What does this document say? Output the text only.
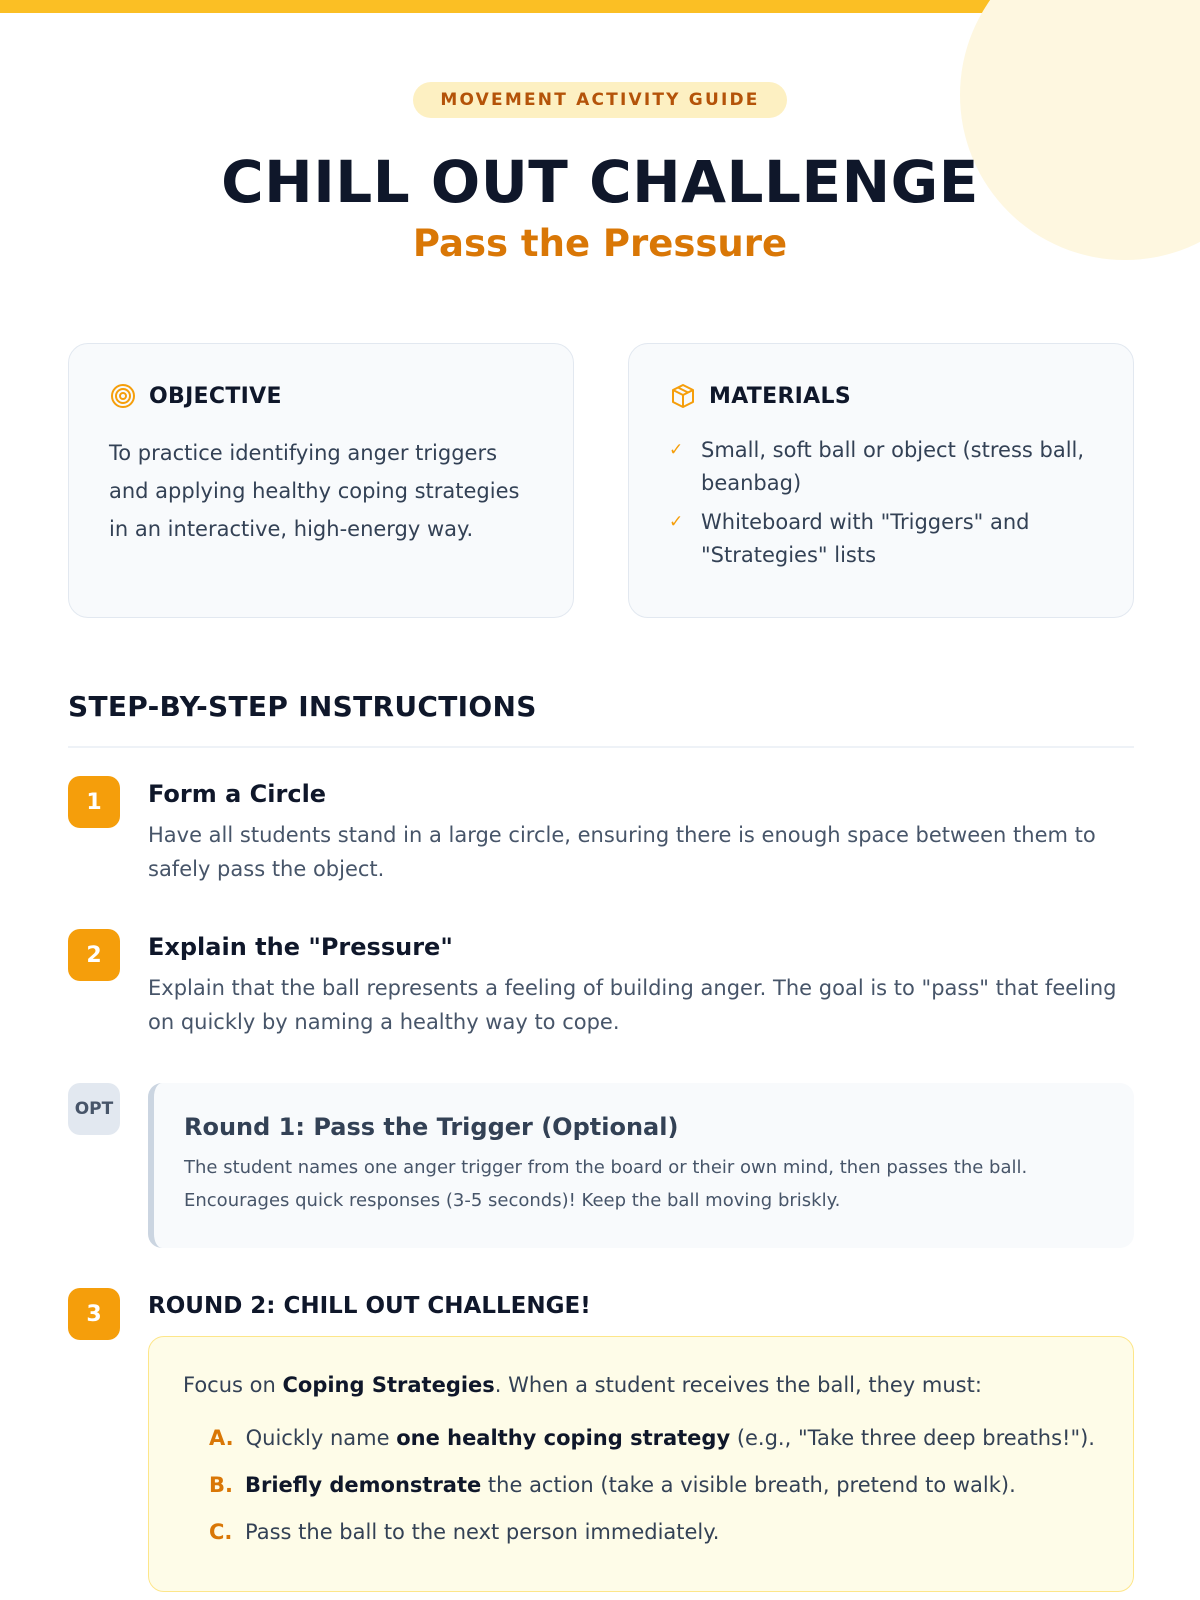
MOVEMENT ACTIVITY GUIDE
CHILL OUT CHALLENGE
Pass the Pressure
OBJECTIVE

To practice identifying anger triggers and applying healthy coping strategies in an interactive, high-energy way.

MATERIALS
✓ Small, soft ball or object (stress ball, beanbag)
✓ Whiteboard with "Triggers" and "Strategies" lists
STEP-BY-STEP INSTRUCTIONS
1	Form a Circle

Have all students stand in a large circle, ensuring there is enough space between them to safely pass the object.

2	Explain the "Pressure"

Explain that the ball represents a feeling of building anger. The goal is to "pass" that feeling on quickly by naming a healthy way to cope.

OPT
Round 1: Pass the Trigger (Optional)

The student names one anger trigger from the board or their own mind, then passes the ball. Encourages quick responses (3-5 seconds)! Keep the ball moving briskly.

3	ROUND 2: CHILL OUT CHALLENGE!

Focus on Coping Strategies. When a student receives the ball, they must:

A. Quickly name one healthy coping strategy (e.g., "Take three deep breaths!").
B. Briefly demonstrate the action (take a visible breath, pretend to walk).
C. Pass the ball to the next person immediately.
